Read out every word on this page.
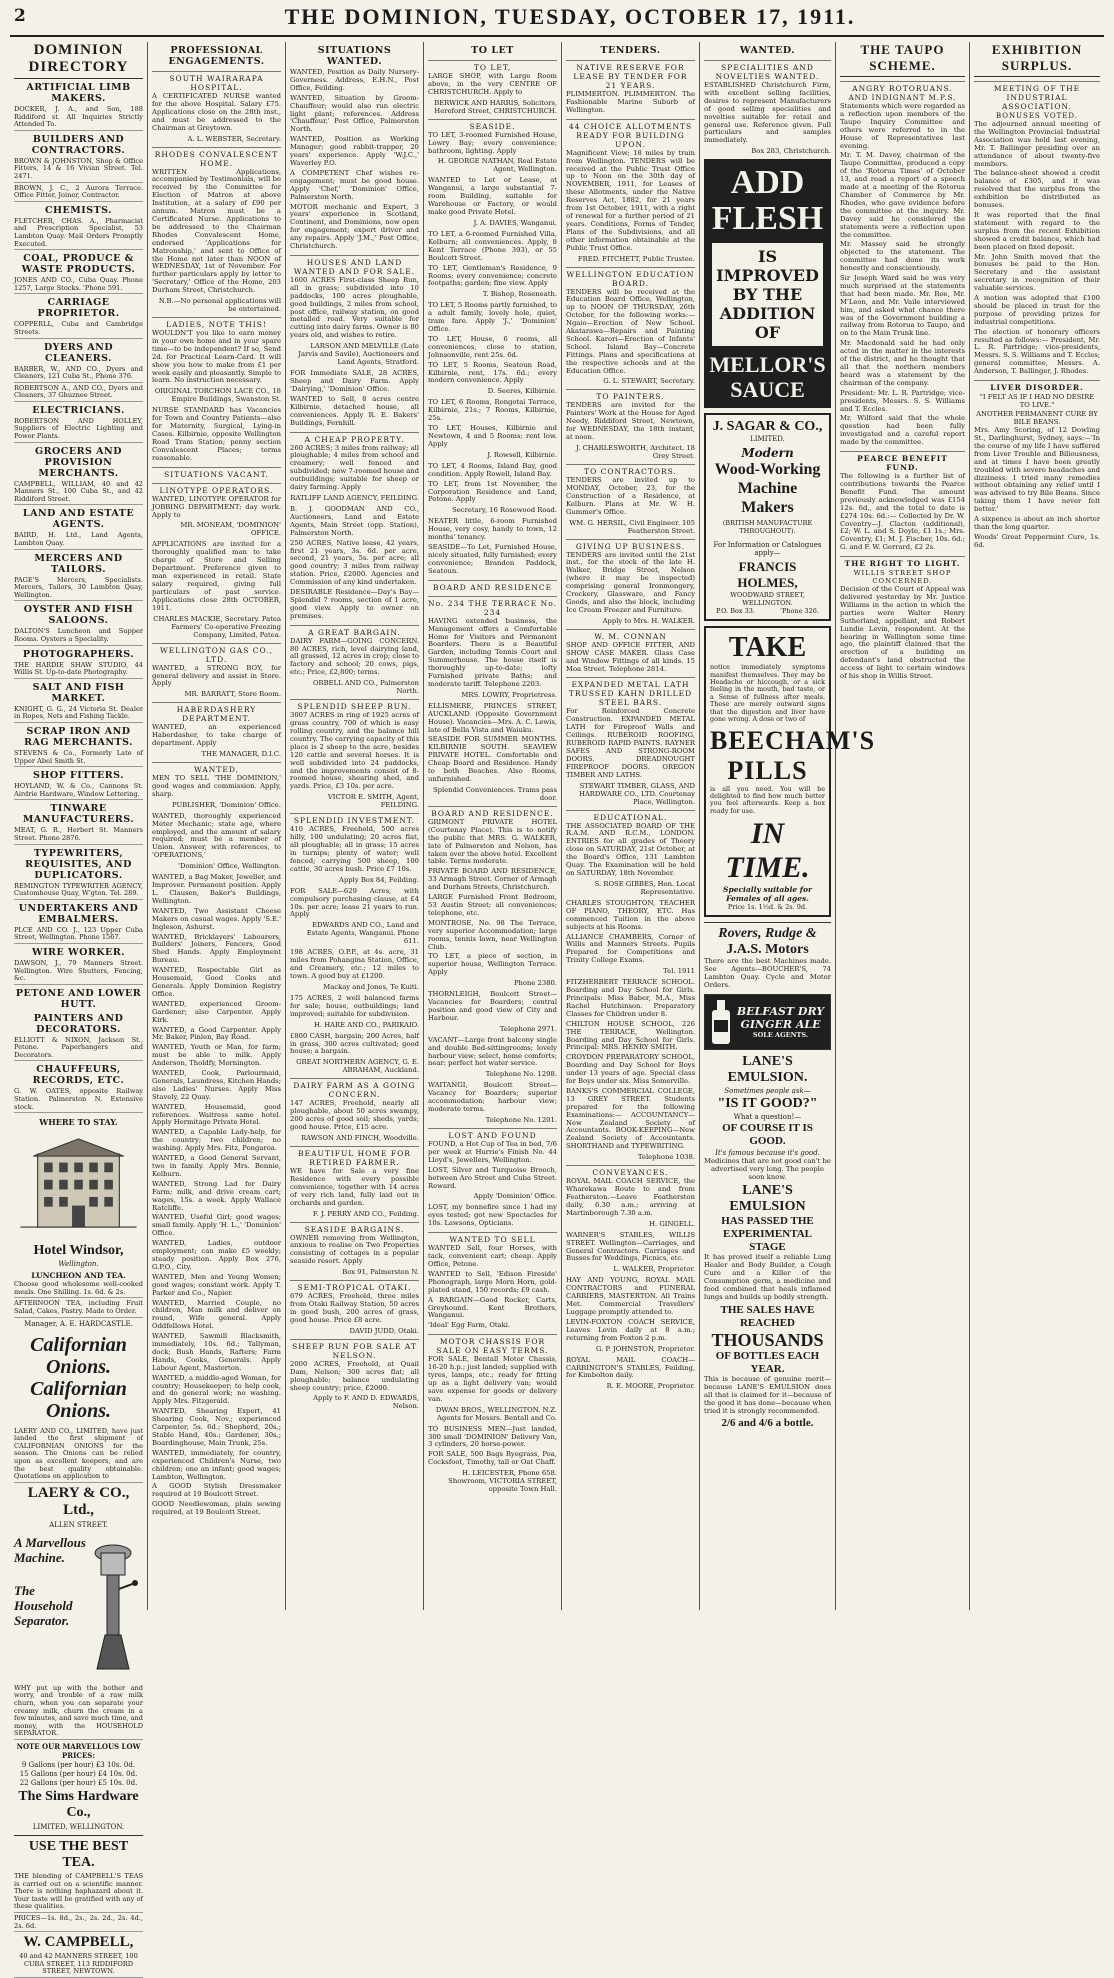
2	THE DOMINION, TUESDAY, OCTOBER 17, 1911.
DOMINION DIRECTORY
ARTIFICIAL LIMB MAKERS.

DOCKER, J. A., and Son, 188 Riddiford st. All Inquiries Strictly Attended To.

BUILDERS AND CONTRACTORS.

BROWN & JOHNSTON, Shop & Office Fitters, 14 & 16 Vivian Street. Tel. 2471.

BROWN, J. C., 2 Aurora Terrace. Office Fitter, Joiner, Contractor.

CHEMISTS.

FLETCHER, CHAS. A., Pharmacist and Prescription Specialist, 53 Lambton Quay. Mail Orders Promptly Executed.

COAL, PRODUCE & WASTE PRODUCTS.

JONES AND CO., Cuba Quay. Phone 1257, Large Stocks. 'Phone 591.

CARRIAGE PROPRIETOR.

COPPERLL, Cuba and Cambridge Streets.

DYERS AND CLEANERS.

BARBER, W., AND CO., Dyers and Cleaners, 121 Cuba St., Phone 376.

ROBERTSON A., AND CO., Dyers and Cleaners, 37 Ghuznee Street.

ELECTRICIANS.

ROBERTSON AND HOLLEY, Suppliers of Electric Lighting and Power Plants.

GROCERS AND PROVISION MERCHANTS.

CAMPBELL, WILLIAM, 40 and 42 Manners St., 100 Cuba St., and 42 Riddiford Street.

LAND AND ESTATE AGENTS.

BAIRD, H. Ltd., Land Agents, Lambton Quay.

MERCERS AND TAILORS.

PAGE'S Mercers, Specialists. Mercers, Tailors, 30 Lambton Quay, Wellington.

OYSTER AND FISH SALOONS.

DALTON'S Luncheon and Supper Rooms. Oysters a Speciality.

PHOTOGRAPHERS.

THE HARDIE SHAW STUDIO, 44 Willis St. Up-to-date Photography.

SALT AND FISH MARKET.

KNIGHT, G. G., 24 Victoria St. Dealer in Ropes, Nets and Fishing Tackle.

SCRAP IRON AND RAG MERCHANTS.

STEVENS & Co., Formerly Late of Upper Abel Smith St.

SHOP FITTERS.

HOYLAND, W. & Co., Cannons St. Airdrie Hardware, Window Lettering.

TINWARE MANUFACTURERS.

MEAT, G. R., Herbert St. Manners Street. Phone 2876.

TYPEWRITERS, REQUISITES, AND DUPLICATORS.

REMINGTON TYPEWRITER AGENCY, Customhouse Quay, W'gton. Tel. 289.

UNDERTAKERS AND EMBALMERS.

PLCE AND CO. J., 123 Upper Cuba Street, Wellington. Phone 1567.

WIRE WORKER.

DAWSON, J., 79 Manners Street. Wellington. Wire Shutters, Fencing, &c.

PETONE AND LOWER HUTT.
PAINTERS AND DECORATORS.

ELLIOTT & NIXON, Jackson St., Petone. Paperhangers and Decorators.

CHAUFFEURS, RECORDS, ETC.

G. W. OATES, opposite Railway Station. Palmerston N. Extensive stock.

WHERE TO STAY.
Hotel Windsor,
Wellington.
LUNCHEON AND TEA.

Choose good wholesome well-cooked meals. One Shilling. 1s. 6d. & 2s.

AFTERNOON TEA, including Fruit Salad, Cakes, Pastry. Made to Order.

Manager, A. E. HARDCASTLE.
Californian Onions.
Californian Onions.

LAERY AND CO., LIMITED, have just landed the first shipment of CALIFORNIAN ONIONS for the season. The Onions can be relied upon as excellent keepers, and are the best quality obtainable. Quotations on application to

LAERY & CO., Ltd.,
ALLEN STREET.
A Marvellous
Machine.
The
Household
Separator.

WHY put up with the bother and worry, and trouble of a raw milk churn, when you can separate your creamy milk, churn the cream in a few minutes, and save much time, and money, with the HOUSEHOLD SEPARATOR.

NOTE OUR MARVELLOUS LOW PRICES:
9 Gallons (per hour) £3 10s. 0d.
15 Gallons (per hour) £4 10s. 0d.
22 Gallons (per hour) £5 10s. 0d.
The Sims Hardware Co.,
LIMITED, WELLINGTON.
USE THE BEST TEA.

THE blending of CAMPBELL'S TEAS is carried out on a scientific manner. There is nothing haphazard about it. Your taste will be gratified with any of these qualities.

PRICES—1s. 8d., 2s., 2s. 2d., 2s. 4d., 2s. 6d.

W. CAMPBELL,

40 and 42 MANNERS STREET, 100 CUBA STREET, 113 RIDDIFORD STREET, NEWTOWN.

PROFESSIONAL ENGAGEMENTS.
SOUTH WAIRARAPA HOSPITAL.

A CERTIFICATED NURSE wanted for the above Hospital. Salary £75. Applications close on the 28th inst., and must be addressed to the Chairman at Greytown.

A. L. WEBSTER, Secretary.
RHODES CONVALESCENT HOME.

WRITTEN Applications, accompanied by Testimonials, will be received by the Committee for Election of Matron at above Institution, at a salary of £90 per annum. Matron must be a Certificated Nurse. Applications to be addressed to the Chairman Rhodes Convalescent Home, endorsed 'Applications for Matronship,' and sent to Office of the Home not later than NOON of WEDNESDAY, 1st of November. For further particulars apply by letter to 'Secretary,' Office of the Home, 203 Durham Street, Christchurch.

N.B.—No personal applications will be entertained.
LADIES, NOTE THIS!

WOULDN'T you like to earn money in your own home and in your spare time—to be independent? If so, Send 2d. for Practical Learn-Card. It will show you how to make from £1 per week easily and pleasantly. Simple to learn. No instruction necessary.

ORIGINAL TORCHON LACE CO., 18 Empire Buildings, Swanston St.

NURSE STANDARD has Vacancies for Town and Country Patients—also for Maternity, Surgical, Lying-in Cases. Kilbirnie, opposite Wellington Road Tram Station; penny section Convalescent Places; terms reasonable.

SITUATIONS VACANT.
LINOTYPE OPERATORS.

WANTED, LINOTYPE OPERATOR for JOBBING DEPARTMENT; day work. Apply to

MR. MONEAM, 'DOMINION' OFFICE.

APPLICATIONS are invited for a thoroughly qualified man to take charge of Store and Selling Department. Preference given to man experienced in retail. State salary required, giving full particulars of past service. Applications close 28th OCTOBER, 1911.

CHARLES MACKIE, Secretary. Patea Farmers' Co-operative Freezing Company, Limited, Patea.
WELLINGTON GAS CO., LTD.

WANTED, a STRONG BOY, for general delivery and assist in Store. Apply

MR. BARRATT, Store Room.
HABERDASHERY DEPARTMENT.

WANTED, an experienced Haberdasher, to take charge of department. Apply

THE MANAGER, D.I.C.
WANTED,

MEN TO SELL 'THE DOMINION,' good wages and commission. Apply, sharp.

PUBLISHER, 'Dominion' Office.

WANTED, thoroughly experienced Meter Mechanic; state age, where employed, and the amount of salary required; must be a member of Union. Answer, with references, to 'OPERATIONS,'

'Dominion' Office, Wellington.

WANTED, a Bag Maker, Jeweller, and Improver. Permanent position. Apply L. Clausen, Baker's Buildings, Wellington.

WANTED, Two Assistant Cheese Makers on casual wages. Apply 'S.E.' Ingleson, Ashurst.

WANTED, Bricklayers' Labourers, Builders' Joiners, Fencers, Good Shed Hands. Apply Employment Bureau.

WANTED, Respectable Girl as Housemaid, Good Cooks and Generals. Apply Dominion Registry Office.

WANTED, experienced Groom-Gardener; also Carpenter. Apply Kirk.

WANTED, a Good Carpenter. Apply Mr. Baker, Pinlen, Bay Road.

WANTED, Youth or Man, for farm; must be able to milk. Apply Anderson, Tholdfy, Mornington.

WANTED, Cook, Parlourmaid, Generals, Laundress, Kitchen Hands; also Ladies' Nurses. Apply Miss Stavely, 22 Quay.

WANTED, Housemaid, good references. Waitress same hotel. Apply Hermitage Private Hotel.

WANTED, a Capable Lady-help, for the country; two children; no washing. Apply Mrs. Fitz, Pongaroa.

WANTED, a Good General Servant, two in family. Apply Mrs. Bennie, Kelburn.

WANTED, Strong Lad for Dairy Farm; milk, and drive cream cart; wages, 15s. a week. Apply Wallace Ratcliffe.

WANTED, Useful Girl; good wages; small family. Apply 'H. L.,' 'Dominion' Office.

WANTED, Ladies, outdoor employment; can make £5 weekly; steady position. Apply Box 276, G.P.O., City.

WANTED, Men and Young Women; good wages; constant work. Apply T. Parker and Co., Napier.

WANTED, Married Couple, no children, Man milk and deliver on round, Wife general. Apply Oddfellows Hotel.

WANTED, Sawmill Blacksmith, immediately, 10s. 6d.; Tallyman, dock; Bush Hands, Rafters; Farm Hands, Cooks, Generals. Apply Labour Agent, Masterton.

WANTED, a middle-aged Woman, for country; Housekeeper; to help cook, and do general work; no washing. Apply Mrs. Fitzgerald.

WANTED, Shearing Expert, 41 Shearing Cook, Nov.; experienced Carpenter, 5s. 6d.; Shepherd, 20s.; Stable Hand, 40s.; Gardener, 30s.; Boardinghouse, Main Trunk, 25s.

WANTED, immediately, for country, experienced Children's Nurse, two children; one an infant; good wages; Lambton, Wellington.

A GOOD Stylish Dressmaker required at 19 Boulcott Street.

GOOD Needlewoman, plain sewing required, at 19 Boulcott Street.

SITUATIONS WANTED.

WANTED, Position as Daily Nursery-Governess. Address, E.H.N., Post Office, Feilding.

WANTED, Situation by Groom-Chauffeur; would also run electric light plant; references. Address 'Chauffeur,' Post Office, Palmerston North.

WANTED, Position as Working Manager; good rabbit-trapper, 20 years' experience. Apply 'W.J.C.,' Waverley P.O.

A COMPETENT Chef wishes re-engagement; must be good house. Apply 'Chef,' 'Dominion' Office, Palmerston North.

MOTOR mechanic and Expert, 3 years' experience in Scotland, Continent, and Dominions, now open for engagement; expert driver and any repairs. Apply 'J.M.,' Post Office, Christchurch.

HOUSES AND LAND WANTED AND FOR SALE.

1600 ACRES First-class Sheep Run, all in grass; subdivided into 10 paddocks, 100 acres ploughable, good buildings, 2 miles from school, post office, railway station, on good metalled road. Very suitable for cutting into dairy farms. Owner is 80 years old, and wishes to retire.

LARSON AND MELVILLE (Late Jarvis and Savile), Auctioneers and Land Agents, Stratford.

FOR Immediate SALE, 28 ACRES, Sheep and Dairy Farm. Apply 'Dairying,' 'Dominion' Office.

WANTED to Sell, 8 acres centre Kilbirnie, detached house, all conveniences. Apply R. E. Bakers' Buildings, Fernhill.

A CHEAP PROPERTY.

260 ACRES; 3 miles from railway; all ploughable; 4 miles from school and creamery; well fenced and subdivided; new 7-roomed house and outbuildings; suitable for sheep or dairy farming. Apply

RATLIFF LAND AGENCY, FEILDING.

B. J. GOODMAN AND CO., Auctioneers, Land and Estate Agents, Main Street (opp. Station), Palmerston North.

250 ACRES, Native lease, 42 years, first 21 years, 3s. 6d. per acre, second, 21 years, 5s. per acre; all good country; 3 miles from railway station. Price, £2000. Agencies and Commission of any kind undertaken.

DESIRABLE Residence—Day's Bay—Splendid 7 rooms, section of 1 acre, good view. Apply to owner on premises.

A GREAT BARGAIN.

DAIRY FARM—GOING CONCERN. 80 ACRES, rich, level dairying land, all grassed, 12 acres in crop; close to factory and school; 20 cows, pigs, etc.; Price, £2,800; terms.

ORBELL AND CO., Palmerston North.
SPLENDID SHEEP RUN.

3007 ACRES in ring of 1925 acres of grass country, 700 of which is easy rolling country, and the balance hill country. The carrying capacity of this place is 2 sheep to the acre, besides 120 cattle and several horses. It is well subdivided into 24 paddocks, and the improvements consist of 8-roomed house, shearing shed, and yards. Price, £3 10s. per acre.

VICTOR E. SMITH, Agent, FEILDING.
SPLENDID INVESTMENT.

410 ACRES, Freehold, 500 acres hilly, 100 undulating; 20 acres flat, all ploughable; all in grass; 15 acres in turnips; plenty of water; well fenced; carrying 500 sheep, 100 cattle, 30 acres bush. Price £7 10s.

Apply Box 84, Feilding.

FOR SALE—629 Acres, with compulsory purchasing clause, at £4 10s. per acre; lease 21 years to run. Apply

EDWARDS AND CO., Land and Estate Agents, Wanganui. Phone 611.

198 ACRES, O.P.P., at 4s. acre, 31 miles from Pohangina Station, Office, and Creamery, etc.; 12 miles to town. A good buy at £1200.

Mackay and Jones, Te Kuiti.

175 ACRES, 2 well balanced farms for sale; house, outbuildings; land improved; suitable for subdivision.

H. HARE AND CO., PARIKAIO.

£800 CASH, bargain; 200 Acres, half in grass, 300 acres cultivated; good house; a bargain.

GREAT NORTHERN AGENCY, G. E. ABRAHAM, Auckland.
DAIRY FARM AS A GOING CONCERN.

147 ACRES, Freehold, nearly all ploughable, about 50 acres swampy, 200 acres of good soil; sheds, yards; good house. Price, £15 acre.

RAWSON AND FINCH, Woodville.
BEAUTIFUL HOME FOR RETIRED FARMER.

WE have for Sale a very fine Residence with every possible convenience, together with 14 acres of very rich land, fully laid out in orchards and garden.

F. J. PERRY AND CO., Feilding.
SEASIDE BARGAINS.

OWNER removing from Wellington, anxious to realise on Two Properties consisting of cottages in a popular seaside resort. Apply

Box 91, Palmerston N.
SEMI-TROPICAL OTAKI.

679 ACRES, Freehold, three miles from Otaki Railway Station, 50 acres in good bush, 200 acres of grass, good house. Price £8 acre.

DAVID JUDD, Otaki.
SHEEP RUN FOR SALE AT NELSON.

2000 ACRES, Freehold, at Quail Dam, Nelson; 300 acres flat; all ploughable; balance undulating sheep country; price, £2000.

Apply to F. AND D. EDWARDS, Nelson.
TO LET
TO LET,

LARGE SHOP, with Large Room above, in the very CENTRE OF CHRISTCHURCH. Apply to

BERWICK AND HARRIS, Solicitors, Hereford Street, CHRISTCHURCH.
SEASIDE.

TO LET, 3-roomed Furnished House, Lowry Bay; every convenience; bathroom, lighting. Apply

H. GEORGE NATHAN, Real Estate Agent, Wellington.

WANTED to Let or Lease, at Wanganui, a large substantial 7-room Building, suitable for Warehouse or Factory, or would make good Private Hotel.

J. A. DAVIES, Wanganui.

TO LET, a 6-roomed Furnished Villa, Kelburn; all conveniences. Apply, 8 Kent Terrace (Phone 393), or 55 Boulcott Street.

TO LET, Gentleman's Residence, 9 Rooms; every convenience; concrete footpaths; garden; fine view. Apply

T. Bishop, Roseneath.

TO LET, 5 Rooms partly furnished, to a adult family, lovely hole, quiet, tram fare. Apply 'J.,' 'Dominion' Office.

TO LET, House, 6 rooms, all conveniences, close to station, Johnsonville, rent 25s. 6d.

TO LET, 5 Rooms, Seatoun Road, Kilbirnie, rent, 17s. 6d.; every modern convenience. Apply

D. Seeres, Kilbirnie.

TO LET, 6 Rooms, Rongotai Terrace, Kilbirnie, 21s.; 7 Rooms, Kilbirnie, 25s.

TO LET, Houses, Kilbirnie and Newtown, 4 and 5 Rooms; rent low. Apply

J. Rowsell, Kilbirnie.

TO LET, 4 Rooms, Island Bay, good condition. Apply Rowell, Island Bay.

TO LET, from 1st November, the Corporation Residence and Land, Petone. Apply

Secretary, 16 Rosewood Road.

NEATER little, 6-room Furnished House, very cosy, handy to town, 12 months' tenancy.

SEASIDE—To Let, Furnished House, nicely situated, fully furnished; every convenience; Brandon Paddock, Seatoun.

BOARD AND RESIDENCE
No. 234 THE TERRACE No. 234

HAVING extended business, the Management offers a Comfortable Home for Visitors and Permanent Boarders. There is a Beautiful Garden, including Tennis Court and Summerhouse. The house itself is thoroughly up-to-date; lofty Furnished private Baths; and moderate tariff. Telephone 2203.

MRS. LOWRY, Proprietress.

ELLISMERE, PRINCES STREET, AUCKLAND (Opposite Government House). Vacancies—Mrs. A. C. Lewis, late of Bella Vista and Waiuku.

SEASIDE FOR SUMMER MONTHS. KILBIRNIE SOUTH. SEAVIEW PRIVATE HOTEL. Comfortable and Cheap Board and Residence. Handy to both Beaches. Also Rooms, unfurnished.

Splendid Conveniences. Trams pass door.
BOARD AND RESIDENCE.

GRIMONT PRIVATE HOTEL (Courtenay Place). This is to notify the public that MRS. G. WALKER, late of Palmerston and Nelson, has taken over the above hotel. Excellent table. Terms moderate.

PRIVATE BOARD AND RESIDENCE, 33 Armagh Street. Corner of Armagh and Durham Streets, Christchurch.

LARGE Furnished Front Bedroom, 53 Austin Street; all conveniences; telephone, etc.

MONTROSE, No. 98 The Terrace, very superior Accommodation; large rooms, tennis lawn, near Wellington Club.

TO LET, a piece of section, in superior house, Wellington Terrace. Apply

Phone 2380.

THORNLEIGH, Boulcott Street—Vacancies for Boarders; central position and good view of City and Harbour.

Telephone 2971.

VACANT—Large front balcony single and double Bed-sittingrooms; lovely harbour view; select, home comforts; near; perfect hot water service.

Telephone No. 1298.

WAITANGI, Boulcott Street—Vacancy for Boarders; superior accommodation; harbour view; moderate terms.

Telephone No. 1201.
LOST AND FOUND

FOUND, a Hot Cup of Tea in bed, 7/6 per week at Hurrie's Finish No. 44 Lloyd's, Jewellers, Wellington.

LOST, Silver and Turquoise Brooch, between Aro Street and Cuba Street. Reward.

Apply 'Dominion' Office.

LOST, my bonnefire since I had my eyes tested; got new Spectacles for 10s. Lawsons, Opticians.

WANTED TO SELL

WANTED Sell, four Horses, with tack, convenient cart; cheap. Apply Office, Petone.

WANTED to Sell, 'Edison Fireside' Phonograph, large Morn Horn, gold-plated stand, 150 records; £9 cash.

A BARGAIN—Good Rocker, Carts, Greyhound. Kent Brothers, Wanganui.

'Ideal' Egg Farm, Otaki.

MOTOR CHASSIS FOR SALE ON EASY TERMS.

FOR SALE, Bentall Motor Chassis, 16-20 h.p.; just landed; supplied with tyres, lamps, etc.; ready for fitting up as a light delivery van; would save expense for goods or delivery van.

DWAN BROS., WELLINGTON. N.Z. Agents for Messrs. Bentall and Co.

TO BUSINESS MEN—Just landed, 300 small 'DOMINION' Delivery Van, 3 cylinders, 20 horse-power.

FOR SALE, 500 Bags Ryegrass, Poa, Cocksfoot, Timothy, tall or Oat Chaff.

H. LEICESTER, Phone 658. Showroom, VICTORIA STREET, opposite Town Hall.
TENDERS.
NATIVE RESERVE FOR LEASE BY TENDER FOR 21 YEARS.

PLIMMERTON. PLIMMERTON. The Fashionable Marine Suburb of Wellington.

44 CHOICE ALLOTMENTS READY FOR BUILDING UPON.

Magnificent View; 18 miles by train from Wellington. TENDERS will be received at the Public Trust Office up to Noon on the 30th day of NOVEMBER, 1911, for Leases of these Allotments, under the Native Reserves Act, 1882, for 21 years from 1st October, 1911, with a right of renewal for a further period of 21 years. Conditions, Forms of Tender, Plans of the Subdivisions, and all other information obtainable at the Public Trust Office.

FRED. FITCHETT, Public Trustee.
WELLINGTON EDUCATION BOARD.

TENDERS will be received at the Education Board Office, Wellington, up to NOON OF THURSDAY, 26th October, for the following works:— Ngaio—Erection of New School. Akatarawa—Repairs and Painting School. Karori—Erection of Infants' School. Island Bay—Concrete Fittings. Plans and specifications at the respective schools and at the Education Office.

G. L. STEWART, Secretary.
TO PAINTERS.

TENDERS are invited for the Painters' Work at the House for Aged Needy, Riddiford Street, Newtown, for WEDNESDAY, the 18th instant, at noon.

J. CHARLESWORTH, Architect. 18 Grey Street.
TO CONTRACTORS.

TENDERS are invited up to MONDAY, October, 23, for the Construction of a Residence, at Kelburn. Plans at Mr. W. H. Gummer's Office.

WM. G. HERSIL, Civil Engineer. 105 Featherston Street.
GIVING UP BUSINESS.

TENDERS are invited until the 21st inst., for the stock of the late H. Walker, Bridge Street, Nelson (where it may be inspected) comprising general Ironmongery, Crockery, Glassware, and Fancy Goods, and also the block, including Ice Cream Freezer and Furniture.

Apply to Mrs. H. WALKER.
W. M. CONNAN

SHOP AND OFFICE FITTER, AND SHOW CASE MAKER. Glass Case and Window Fittings of all kinds. 15 Moa Street. Telephone 2814.

EXPANDED METAL LATH TRUSSED KAHN DRILLED STEEL BARS.

For Reinforced Concrete Construction. EXPANDED METAL LATH for Fireproof Walls and Ceilings. RUBEROID ROOFING, RUBEROID RAPID PAINTS. RAYNER SAFES AND STRONG-ROOM DOORS. DREADNOUGHT FIREPROOF DOORS. OREGON TIMBER AND LATHS.

STEWART TIMBER, GLASS, AND HARDWARE CO., LTD. Courtenay Place, Wellington.
EDUCATIONAL.

THE ASSOCIATED BOARD OF THE R.A.M. AND R.C.M., LONDON. ENTRIES for all grades of Theory close on SATURDAY, 21st October, at the Board's Office, 131 Lambton Quay. The Examination will be held on SATURDAY, 18th November.

S. ROSE GIBBES, Hon. Local Representative.

CHARLES STOUGHTON, TEACHER OF PIANO, THEORY, ETC. Has commenced Tuition in the above subjects at his Rooms.

ALLIANCE CHAMBERS, Corner of Willis and Manners Streets. Pupils Prepared for Competitions and Trinity College Exams.

Tel. 1911

FITZHERBERT TERRACE SCHOOL. Boarding and Day School for Girls. Principals: Miss Baber, M.A., Miss Rachel Hutchinson. Preparatory Classes for Children under 8.

CHILTON HOUSE SCHOOL, 226 THE TERRACE, Wellington. Boarding and Day School for Girls. Principal: MRS. HENRY SMITH.

CROYDON PREPARATORY SCHOOL, Boarding and Day School for Boys under 13 years of age. Special class for Boys under six. Miss Somerville.

BANKS'S COMMERCIAL COLLEGE, 13 GREY STREET. Students prepared for the following Examinations:— ACCOUNTANCY—New Zealand Society of Accountants. BOOK-KEEPING—New Zealand Society of Accountants. SHORTHAND and TYPEWRITING.

Telephone 1038.
CONVEYANCES.

ROYAL MAIL COACH SERVICE, the Wharekawa Route to and from Featherston.—Leave Featherston daily, 6.30 a.m.; arriving at Martinborough 7.30 a.m.

H. GINGELL.

WARNER'S STABLES, WILLIS STREET. Wellington—Carriages, and General Contractors. Carriages and Busses for Weddings, Picnics, etc.

L. WALKER, Proprietor.

HAY AND YOUNG, ROYAL MAIL CONTRACTORS and FUNERAL CARRIERS, MASTERTON. All Trains Met. Commercial Travellers' Luggage promptly attended to.

LEVIN-FOXTON COACH SERVICE, Leaves Levin daily at 8 a.m.; returning from Foxton 2 p.m.

G. P. JOHNSTON, Proprietor.

ROYAL MAIL COACH—CARRINGTON'S STABLES, Feilding, for Kimbolton daily.

R. E. MOORE, Proprietor.
WANTED.
SPECIALITIES AND NOVELTIES WANTED.

ESTABLISHED Christchurch Firm, with excellent selling facilities, desires to represent Manufacturers of good selling specialities and novelties suitable for retail and general use. Reference given. Full particulars and samples immediately.

Box 283, Christchurch.
ADD
FLESH
IS
IMPROVED
BY THE
ADDITION
OF
MELLOR'S
SAUCE
J. SAGAR & CO.,
LIMITED.
Modern
Wood-Working
Machine Makers
(BRITISH MANUFACTURE THROUGHOUT).
For Information or Catalogues apply—
FRANCIS HOLMES,
WOODWARD STREET, WELLINGTON.
P.O. Box 33.	'Phone 326.
TAKE

notice immediately symptoms manifest themselves. They may be Headache or hiccough, or a sick feeling in the mouth, bad taste, or a Sense of fullness after meals. These are merely outward signs that the digestion and liver have gone wrong. A dose or two of

BEECHAM'S PILLS

is all you need. You will be delighted to find how much better you feel afterwards. Keep a box ready for use.

IN TIME.
Specially suitable for Females of all ages.
Price 1s. 1½d. & 2s. 9d.
Rovers, Rudge &
J.A.S. Motors

There are the best Machines made. See Agents—BOUCHER'S, 74 Lambton Quay. Cycle and Motor Orders.

BELFAST DRY
GINGER ALE
SOLE AGENTS.
LANE'S EMULSION.
Sometimes people ask—
"IS IT GOOD?"
What a question!—
OF COURSE IT IS GOOD.
It's famous because it's good.

Medicines that are not good can't be advertised very long. The people soon know.

LANE'S EMULSION
HAS PASSED THE
EXPERIMENTAL STAGE

It has proved itself a reliable Lung Healer and Body Builder, a Cough Cure and a Killer of the Consumption germ, a medicine and food combined that heals inflamed lungs and builds up bodily strength.

THE SALES HAVE REACHED
THOUSANDS
OF BOTTLES EACH YEAR.

This is because of genuine merit—because LANE'S EMULSION does all that is claimed for it—because of the good it has done—because when tried it is strongly recommended.

2/6 and 4/6 a bottle.
THE TAUPO SCHEME.
ANGRY ROTORUANS.
AND INDIGNANT M.P.S.

Statements which were regarded as a reflection upon members of the Taupo Inquiry Committee and others were referred to in the House of Representatives last evening.

Mr. T. M. Davey, chairman of the Taupo Committee, produced a copy of the 'Rotorua Times' of October 13, and read a report of a speech made at a meeting of the Rotorua Chamber of Commerce by Mr. Rhodes, who gave evidence before the committee at the inquiry. Mr. Davey said he considered the statements were a reflection upon the committee.

Mr. Massey said he strongly objected to the statement. The committee had done its work honestly and conscientiously.

Sir Joseph Ward said he was very much surprised at the statements that had been made. Mr. Roe, Mr. M'Leon, and Mr. Vaile interviewed him, and asked what chance there was of the Government building a railway from Rotorua to Taupo, and on to the Main Trunk line.

Mr. Macdonald said he had only acted in the matter in the interests of the district, and he thought that all that the northern members heard was a statement by the chairman of the company.

President: Mr. L. R. Partridge; vice-presidents, Messrs. S. S. Williams and T. Eccles.

Mr. Wilford said that the whole question had been fully investigated and a careful report made by the committee.

PEARCE BENEFIT FUND.

The following is a further list of contributions towards the Pearce Benefit Fund. The amount previously acknowledged was £154 12s. 6d., and the total to date is £274 10s. 6d.:— Collected by Dr. W. Coventry—J. Clacton (additional), £2; W. L. and S. Doyle, £1 1s.; Mrs. Coventry, £1; M. J. Fischer, 10s. 6d.; G. and F. W. Gerrard, £2 2s.

THE RIGHT TO LIGHT.
WILLIS STREET SHOP CONCERNED.

Decision of the Court of Appeal was delivered yesterday by Mr. Justice Williams in the action in which the parties were Walter Henry Sutherland, appellant, and Robert Lundie Levin, respondent. At the hearing in Wellington some time ago, the plaintiff claimed that the erection of a building on defendant's land obstructed the access of light to certain windows of his shop in Willis Street.

EXHIBITION SURPLUS.
MEETING OF THE INDUSTRIAL ASSOCIATION.
BONUSES VOTED.

The adjourned annual meeting of the Wellington Provincial Industrial Association was held last evening, Mr. T. Ballinger presiding over an attendance of about twenty-five members.

The balance-sheet showed a credit balance of £305, and it was resolved that the surplus from the exhibition be distributed as bonuses.

It was reported that the final statement with regard to the surplus from the recent Exhibition showed a credit balance, which had been placed on fixed deposit.

Mr. John Smith moved that the bonuses be paid to the Hon. Secretary and the assistant secretary in recognition of their valuable services.

A motion was adopted that £100 should be placed in trust for the purpose of providing prizes for industrial competitions.

The election of honorary officers resulted as follows:— President, Mr. L. R. Partridge; vice-presidents, Messrs. S. S. Williams and T. Eccles; general committee, Messrs. A. Anderson, T. Ballinger, J. Rhodes.

LIVER DISORDER.
"I FELT AS IF I HAD NO DESIRE TO LIVE."
ANOTHER PERMANENT CURE BY BILE BEANS.

Mrs. Amy Scoring, of 12 Dowling St., Darlinghurst, Sydney, says:—'In the course of my life I have suffered from Liver Trouble and Biliousness, and at times I have been greatly troubled with severe headaches and dizziness. I tried many remedies without obtaining any relief until I was advised to try Bile Beans. Since taking them I have never felt better.'

A sixpence is about an inch shorter than the long quarter.

Woods' Great Peppermint Cure, 1s. 6d.
